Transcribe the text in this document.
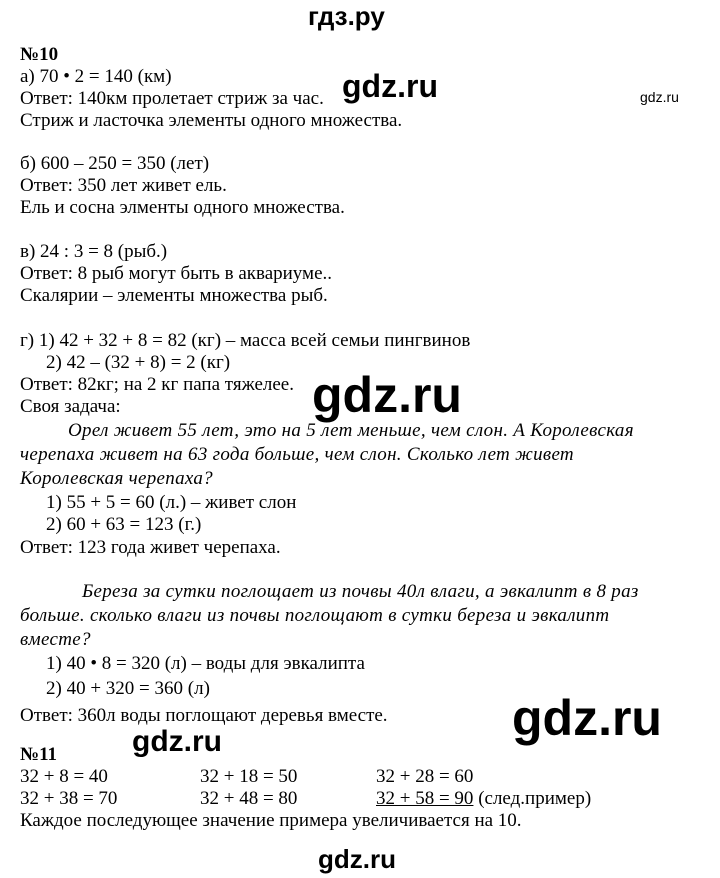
гдз.ру
№10
а) 70 • 2 = 140 (км)
Ответ: 140км пролетает стриж за час.
Стриж и ласточка элементы одного множества.
б) 600 – 250 = 350 (лет)
Ответ: 350 лет живет ель.
Ель и сосна элменты одного множества.
в) 24 : 3 = 8 (рыб.)
Ответ: 8 рыб могут быть в аквариуме..
Скалярии – элементы множества рыб.
г) 1) 42 + 32 + 8 = 82 (кг) – масса всей семьи пингвинов
2) 42 – (32 + 8) = 2 (кг)
Ответ: 82кг; на 2 кг папа тяжелее.
Своя задача:
Орел живет 55 лет, это на 5 лет меньше, чем слон. А Королевская
черепаха живет на 63 года больше, чем слон. Сколько лет живет
Королевская черепаха?
1) 55 + 5 = 60 (л.) – живет слон
2) 60 + 63 = 123 (г.)
Ответ: 123 года живет черепаха.
Береза за сутки поглощает из почвы 40л влаги, а эвкалипт в 8 раз
больше. сколько влаги из почвы поглощают в сутки береза и эвкалипт
вместе?
1) 40 • 8 = 320 (л) – воды для эвкалипта
2) 40 + 320 = 360 (л)
Ответ: 360л воды поглощают деревья вместе.
№11
32 + 8 = 40	32 + 18 = 50	32 + 28 = 60
32 + 38 = 70	32 + 48 = 80	32 + 58 = 90 (след.пример)
Каждое последующее значение примера увеличивается на 10.
gdz.ru	gdz.ru
gdz.ru
gdz.ru
gdz.ru
gdz.ru
